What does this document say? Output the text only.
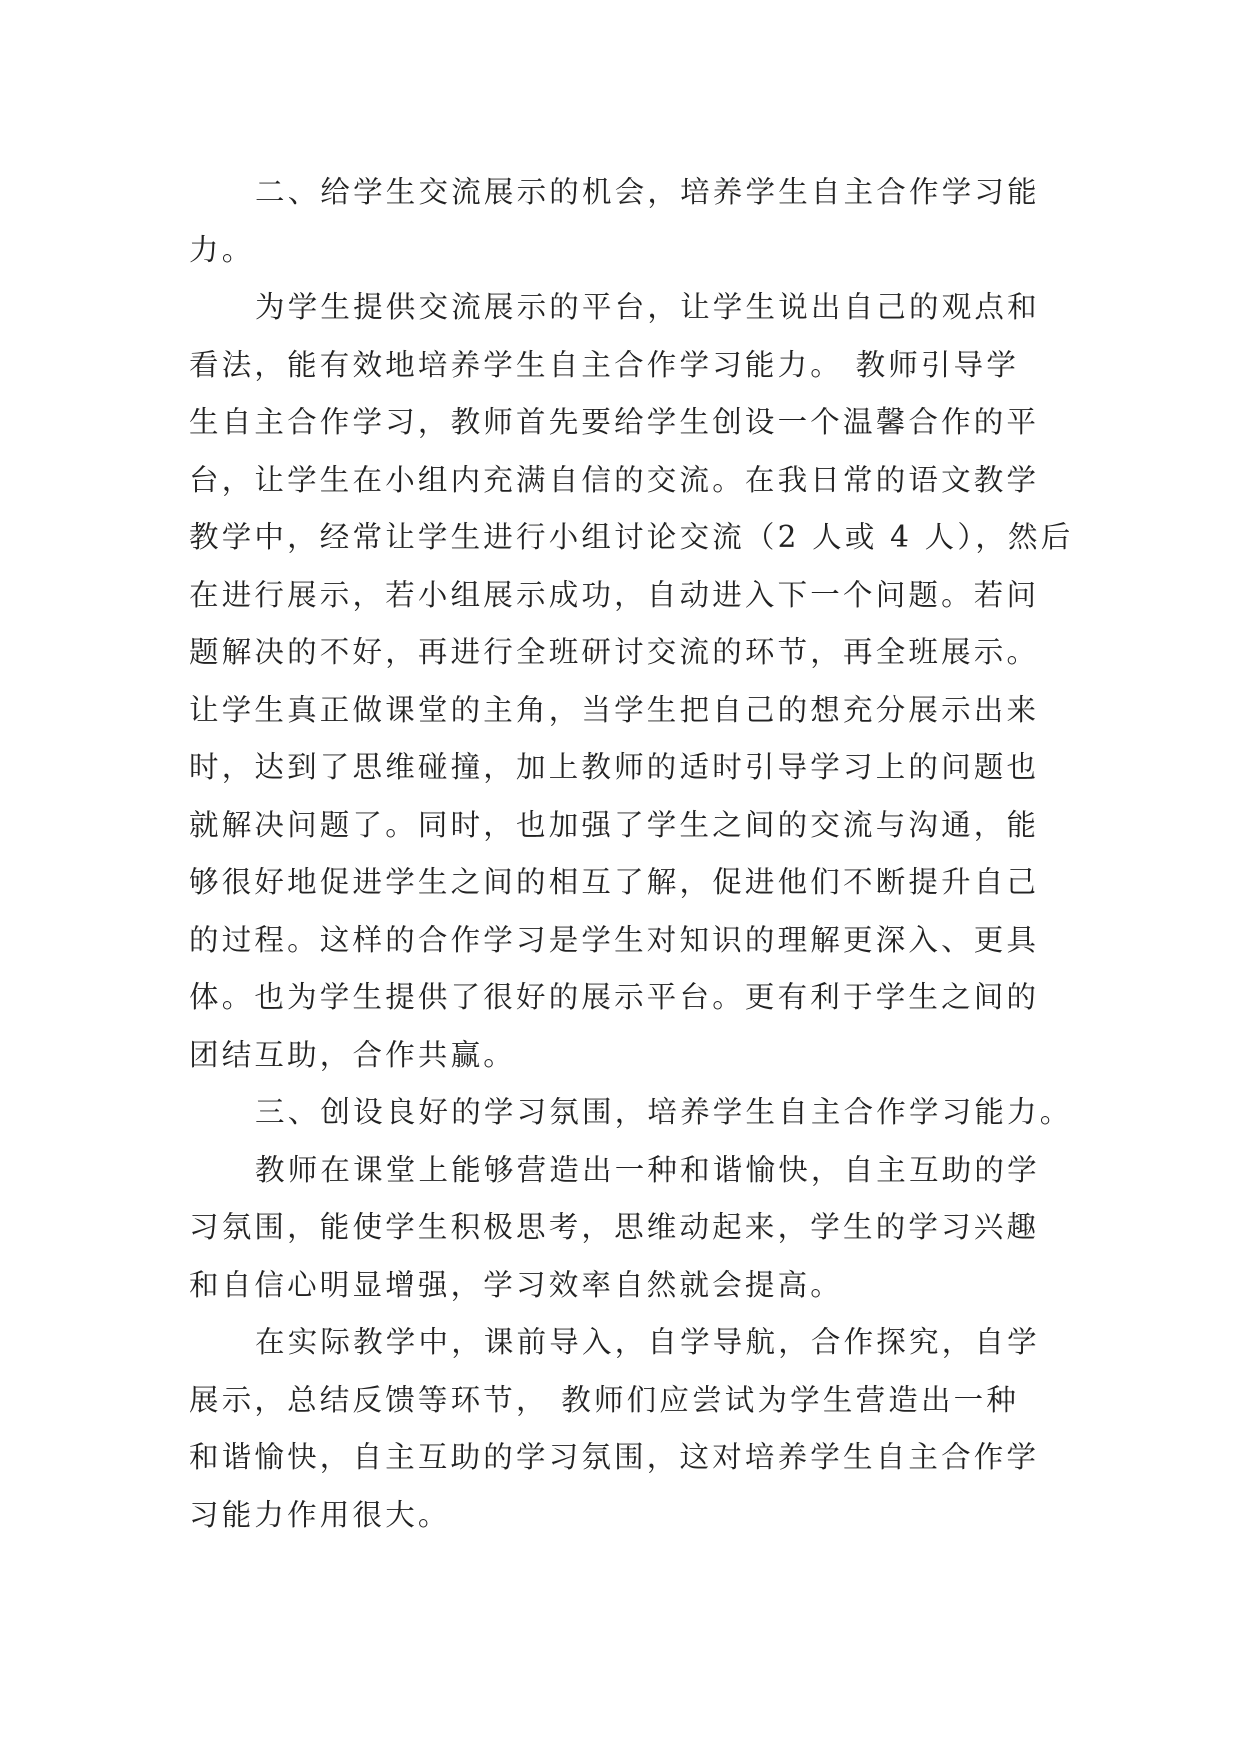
二、给学生交流展示的机会，培养学生自主合作学习能
力。
为学生提供交流展示的平台，让学生说出自己的观点和
看法，能有效地培养学生自主合作学习能力。 教师引导学
生自主合作学习，教师首先要给学生创设一个温馨合作的平
台，让学生在小组内充满自信的交流。在我日常的语文教学
教学中，经常让学生进行小组讨论交流（2 人或 4 人），然后
在进行展示，若小组展示成功，自动进入下一个问题。若问
题解决的不好，再进行全班研讨交流的环节，再全班展示。
让学生真正做课堂的主角，当学生把自己的想充分展示出来
时，达到了思维碰撞，加上教师的适时引导学习上的问题也
就解决问题了。同时，也加强了学生之间的交流与沟通，能
够很好地促进学生之间的相互了解，促进他们不断提升自己
的过程。这样的合作学习是学生对知识的理解更深入、更具
体。也为学生提供了很好的展示平台。更有利于学生之间的
团结互助，合作共赢。
三、创设良好的学习氛围，培养学生自主合作学习能力。
教师在课堂上能够营造出一种和谐愉快，自主互助的学
习氛围，能使学生积极思考，思维动起来，学生的学习兴趣
和自信心明显增强，学习效率自然就会提高。
在实际教学中，课前导入，自学导航，合作探究，自学
展示，总结反馈等环节， 教师们应尝试为学生营造出一种
和谐愉快，自主互助的学习氛围，这对培养学生自主合作学
习能力作用很大。
